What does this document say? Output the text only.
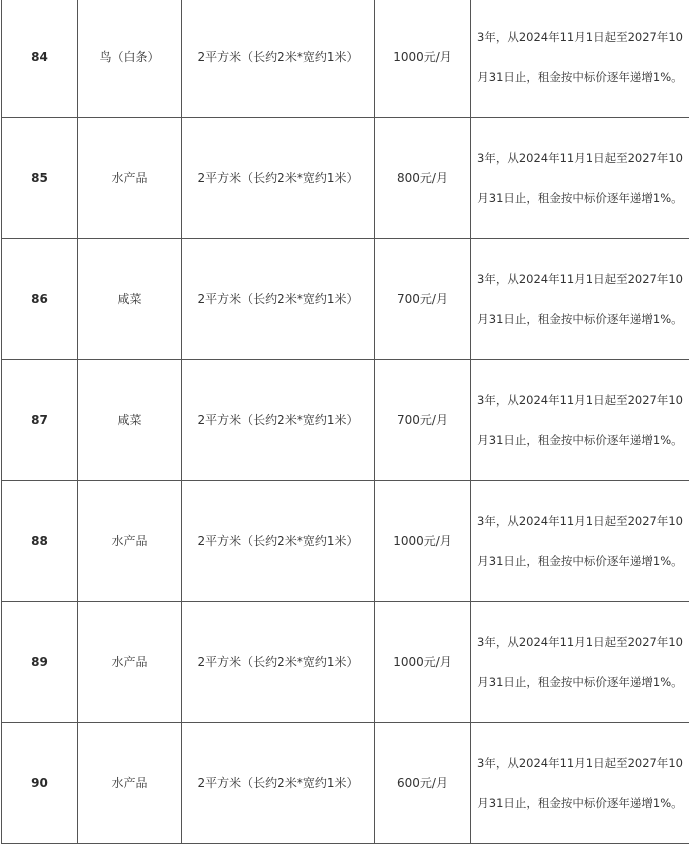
84	鸟（白条）	2平方米（长约2米*宽约1米）	1000元/月	3年，从2024年11月1日起至2027年10月31日止，租金按中标价逐年递增1%。

85	水产品	2平方米（长约2米*宽约1米）	800元/月	3年，从2024年11月1日起至2027年10月31日止，租金按中标价逐年递增1%。

86	咸菜	2平方米（长约2米*宽约1米）	700元/月	3年，从2024年11月1日起至2027年10月31日止，租金按中标价逐年递增1%。

87	咸菜	2平方米（长约2米*宽约1米）	700元/月	3年，从2024年11月1日起至2027年10月31日止，租金按中标价逐年递增1%。

88	水产品	2平方米（长约2米*宽约1米）	1000元/月	3年，从2024年11月1日起至2027年10月31日止，租金按中标价逐年递增1%。

89	水产品	2平方米（长约2米*宽约1米）	1000元/月	3年，从2024年11月1日起至2027年10月31日止，租金按中标价逐年递增1%。

90	水产品	2平方米（长约2米*宽约1米）	600元/月	3年，从2024年11月1日起至2027年10月31日止，租金按中标价逐年递增1%。
